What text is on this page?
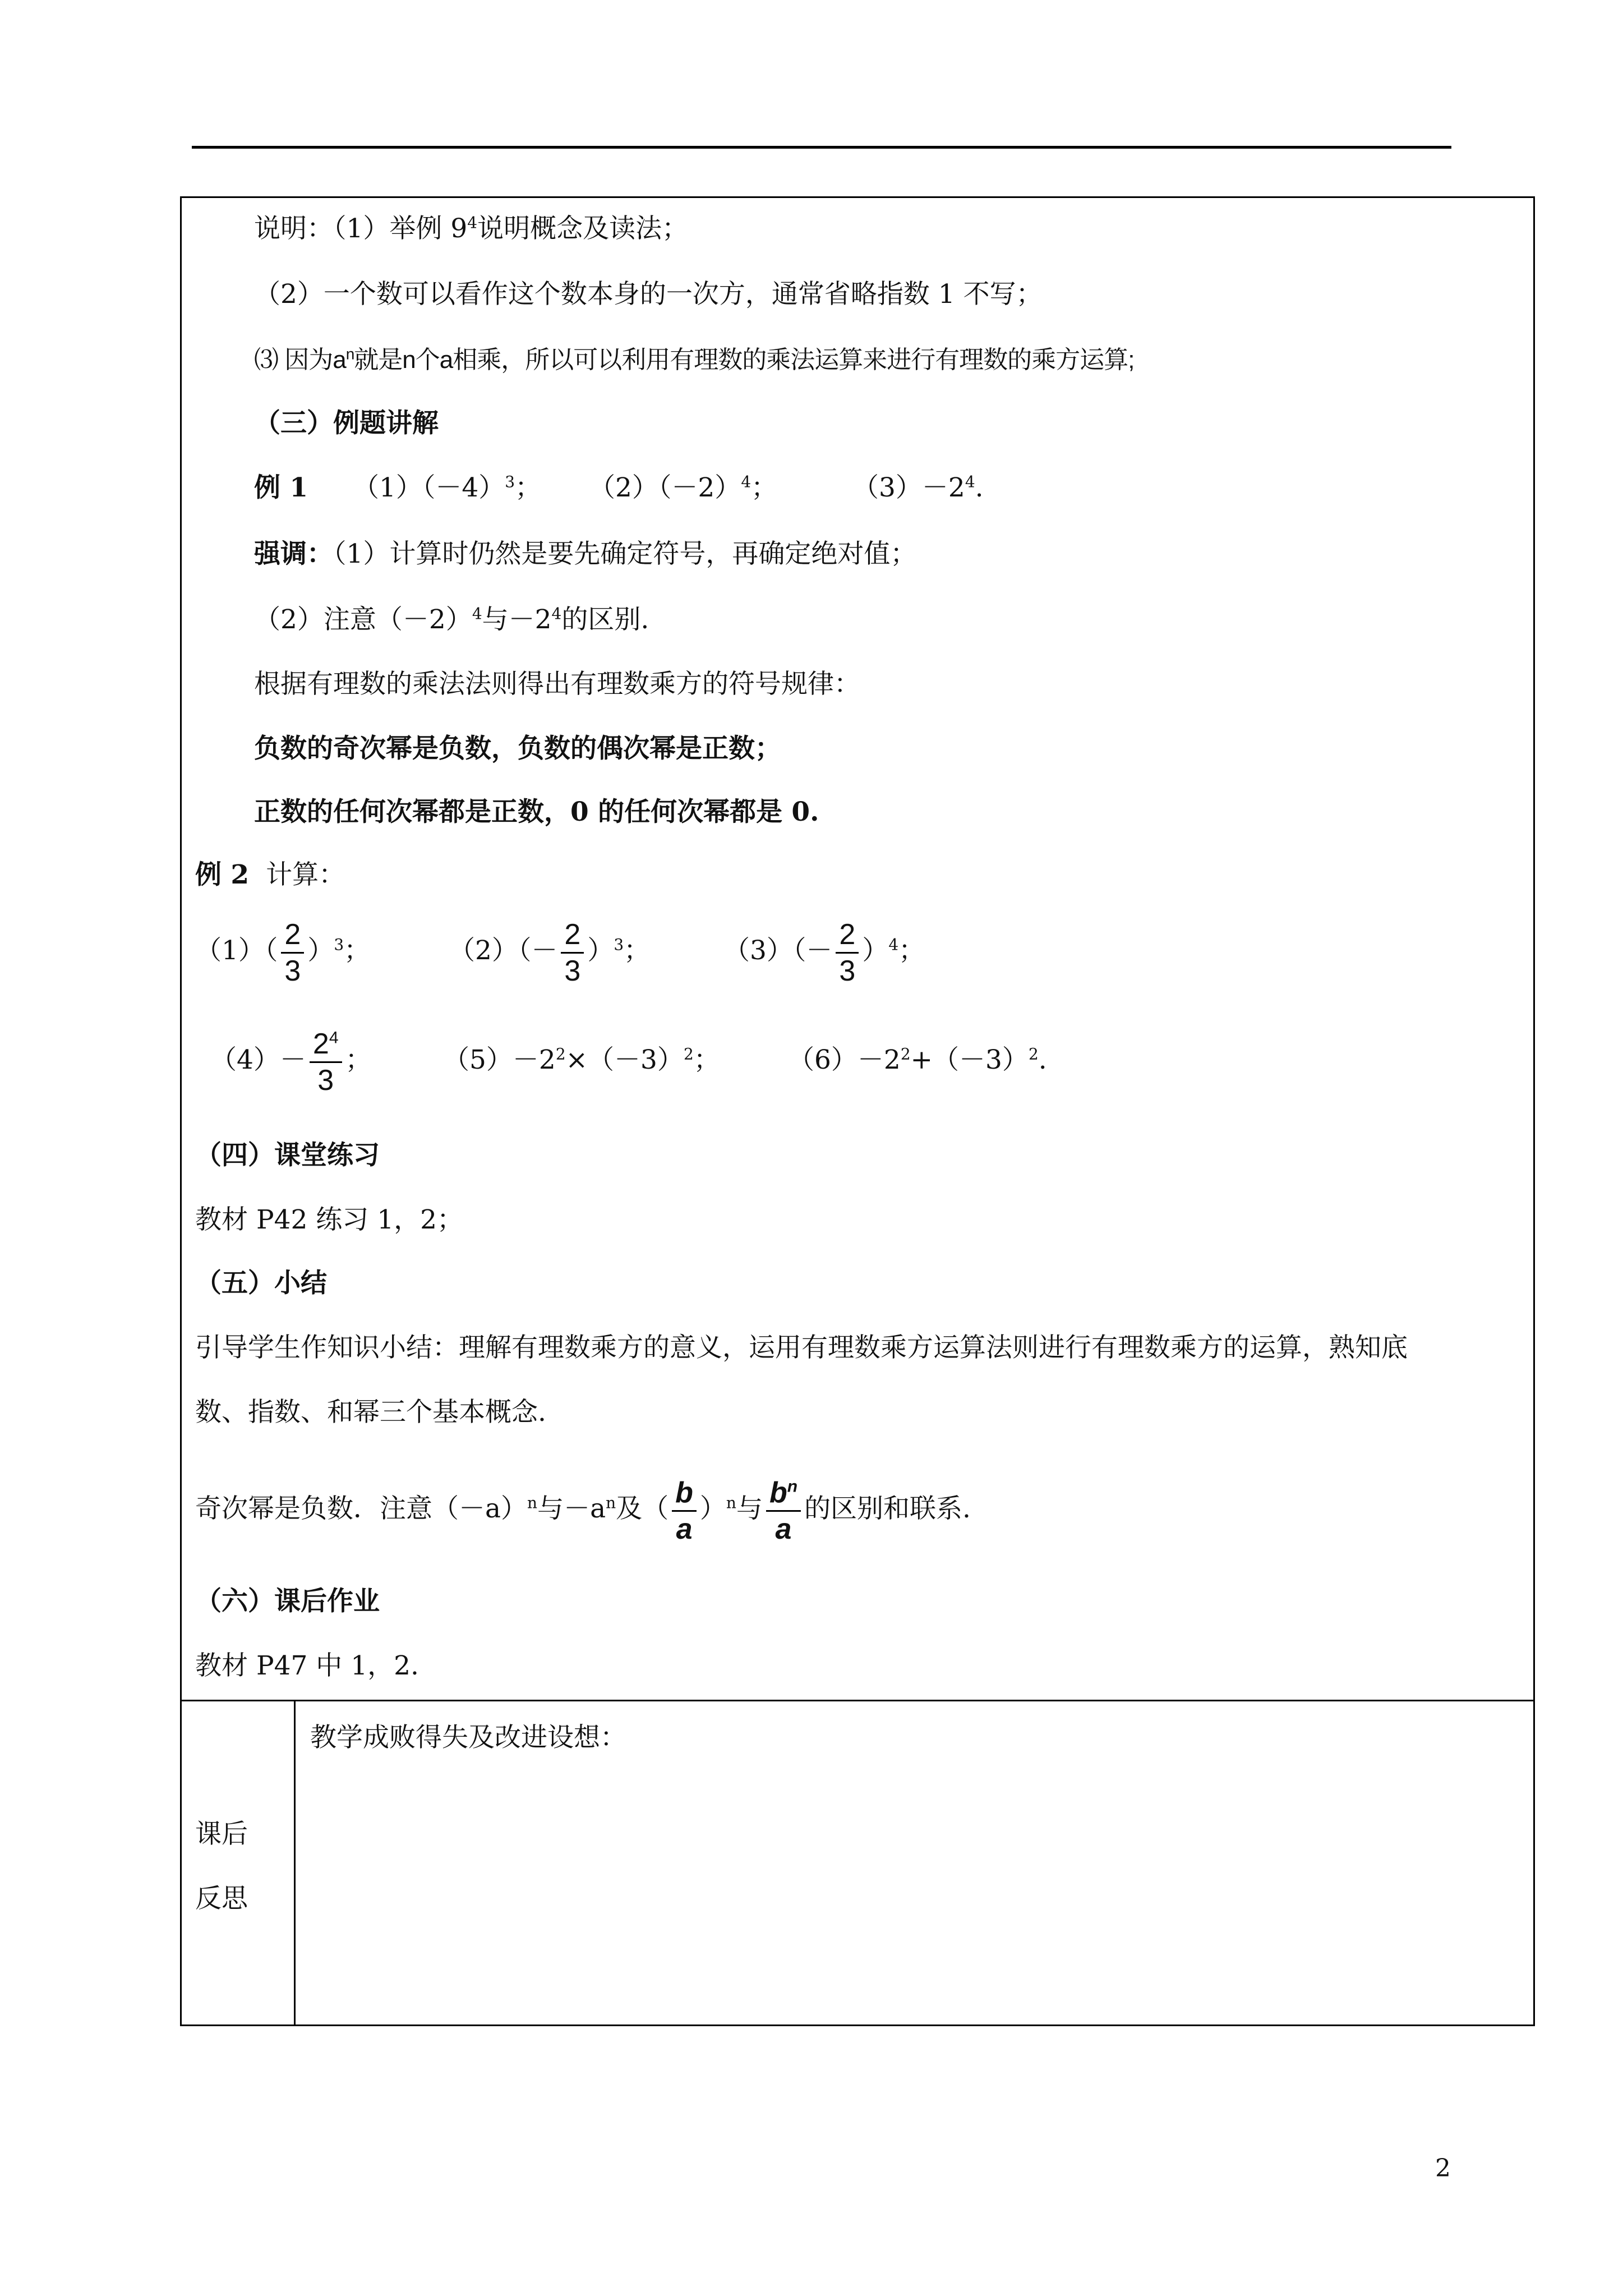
说明：（1）举例 $9^4$说明概念及读法；
（2）一个数可以看作这个数本身的一次方，通常省略指数 1 不写；
⑶ 因为$a^n$就是n个a相乘，所以可以利用有理数的乘法运算来进行有理数的乘方运算;
（三）例题讲解
例 1 $(1)(-4)^3$； $(2)(-2)^4$；	$(3)-2^4$.
强调：（1）计算时仍然是要先确定符号，再确定绝对值；
（2）注意$(-2)^4$与$-2^4$的区别.
根据有理数的乘法法则得出有理数乘方的符号规律：
负数的奇次幂是负数，负数的偶次幂是正数；
正数的任何次幂都是正数，0 的任何次幂都是 0.
例 2 计算：
$(1)( \frac{2}{3} )^3$；	$(2)(- \frac{2}{3} )^3$；	$(3)(- \frac{2}{3} )^4$；
$(4)- \frac{2^4}{3}$ ；	$(5)-2^2\times(-3)^2$；	$(6)-2^2+(-3)^2$.
（四）课堂练习
教材 P42 练习 1，2；
（五）小结
引导学生作知识小结：理解有理数乘方的意义，运用有理数乘方运算法则进行有理数乘方的运算，熟知底
数、指数、和幂三个基本概念.
奇次幂是负数．注意$(-a)^n$与$-a^n$及（ $\frac{b}{a} )^n$与 $\frac{b^n}{a}$ 的区别和联系.
（六）课后作业
教材 P47 中 1，2.
教学成败得失及改进设想：
课后
反思
2
